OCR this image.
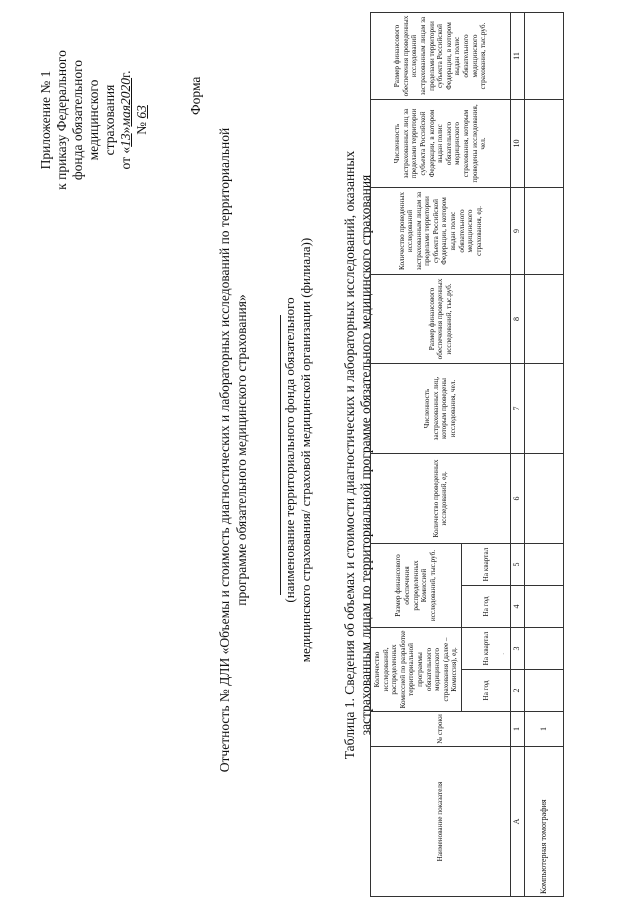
Приложение № 1 к приказу Федерального фонда обязательного медицинского страхования
от «13»мая2020г.
№ 63	Форма
Отчетность № ДЛИ «Объемы и стоимость диагностических и лабораторных исследований по территориальной программе обязательного медицинского страхования»	(наименование территориального фонда обязательного медицинского страхования/ страховой медицинской организации (филиала))	·
Таблица 1. Сведения об объемах и стоимости диагностических и лабораторных исследований, оказанных застрахованным лицам по территориальной программе обязательного медицинского страхования
Наименование показателя	№ строки	Количество исследований, распределенных Комиссией по разработке территориальной программы обязательного медицинского страхования (далее – Комиссия), ед.		Размер финансового обеспечения распределенных Комиссией исследований, тыс.руб.		Количество проведенных исследований, ед.	Численность застрахованных лиц, которым проведены исследования, чел.	Размер финансового обеспечения проведенных исследований, тыс.руб.	Количество проведенных исследований застрахованным лицам за пределами территории субъекта Российской Федерации, в котором выдан полис обязательного медицинского страхования, ед.	Численность застрахованных лиц за пределами территории субъекта Российской Федерации, в котором выдан полис обязательного медицинского страхования, которым проведены исследования, чел.	Размер финансового обеспечения проведенных исследований застрахованным лицам за пределами территории субъекта Российской Федерации, в котором выдан полис обязательного медицинского страхования, тыс.руб.
		На год	На квартал	На год	На квартал						
А	1	2	3	4	5	6	7	8	9	10	11
Компьютерная томография	1										
